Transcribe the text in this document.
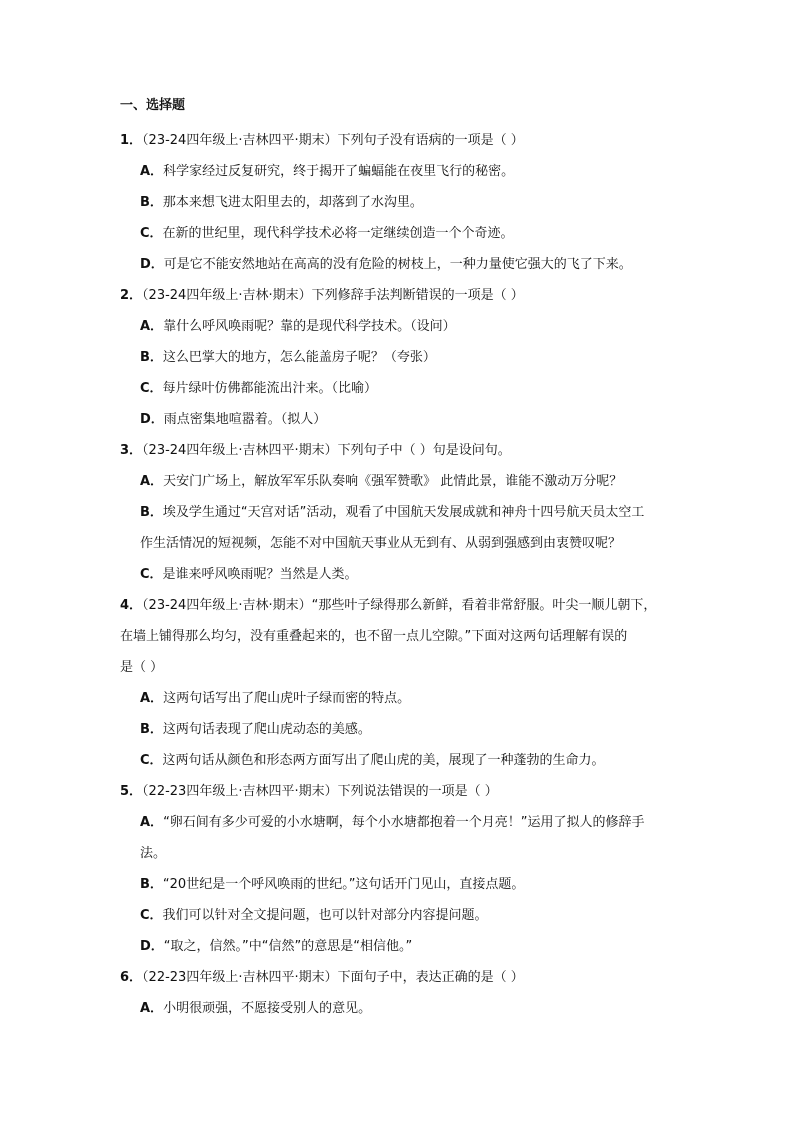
一、选择题
1．（23-24四年级上·吉林四平·期末）下列句子没有语病的一项是（ ）
A．科学家经过反复研究，终于揭开了蝙蝠能在夜里飞行的秘密。
B．那本来想飞进太阳里去的，却落到了水沟里。
C．在新的世纪里，现代科学技术必将一定继续创造一个个奇迹。
D．可是它不能安然地站在高高的没有危险的树枝上，一种力量使它强大的飞了下来。
2．（23-24四年级上·吉林·期末）下列修辞手法判断错误的一项是（ ）
A．靠什么呼风唤雨呢？靠的是现代科学技术。（设问）
B．这么巴掌大的地方，怎么能盖房子呢？（夸张）
C．每片绿叶仿佛都能流出汁来。（比喻）
D．雨点密集地喧嚣着。（拟人）
3．（23-24四年级上·吉林四平·期末）下列句子中（ ）句是设问句。
A．天安门广场上，解放军军乐队奏响《强军赞歌》 此情此景，谁能不激动万分呢？
B．埃及学生通过“天宫对话”活动，观看了中国航天发展成就和神舟十四号航天员太空工
作生活情况的短视频，怎能不对中国航天事业从无到有、从弱到强感到由衷赞叹呢？
C．是谁来呼风唤雨呢？当然是人类。
4．（23-24四年级上·吉林·期末）“那些叶子绿得那么新鲜，看着非常舒服。叶尖一顺儿朝下，
在墙上铺得那么均匀，没有重叠起来的，也不留一点儿空隙。”下面对这两句话理解有误的
是（ ）
A．这两句话写出了爬山虎叶子绿而密的特点。
B．这两句话表现了爬山虎动态的美感。
C．这两句话从颜色和形态两方面写出了爬山虎的美，展现了一种蓬勃的生命力。
5．（22-23四年级上·吉林四平·期末）下列说法错误的一项是（ ）
A．“卵石间有多少可爱的小水塘啊，每个小水塘都抱着一个月亮！”运用了拟人的修辞手
法。
B．“20世纪是一个呼风唤雨的世纪。”这句话开门见山，直接点题。
C．我们可以针对全文提问题，也可以针对部分内容提问题。
D．“取之，信然。”中“信然”的意思是“相信他。”
6．（22-23四年级上·吉林四平·期末）下面句子中，表达正确的是（ ）
A．小明很顽强，不愿接受别人的意见。
